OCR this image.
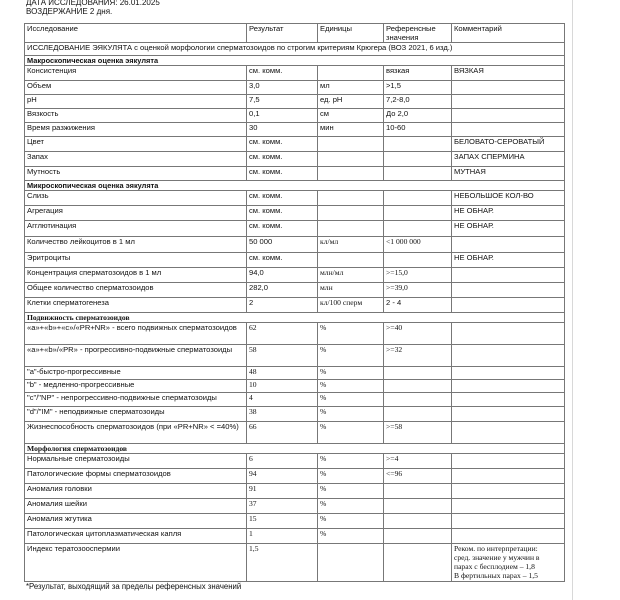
ДАТА ИССЛЕДОВАНИЯ: 26.01.2025
ВОЗДЕРЖАНИЕ 2 дня.
Исследование	Результат	Единицы	Референсные значения	Комментарий
ИССЛЕДОВАНИЕ ЭЯКУЛЯТА с оценкой морфологии сперматозоидов по строгим критериям Крюгера (ВОЗ 2021, 6 изд.)				
Макроскопическая оценка эякулята				
Консистенция	см. комм.		вязкая	ВЯЗКАЯ
Объем	3,0	мл	>1,5	
pH	7,5	ед. pH	7,2-8,0	
Вязкость	0,1	см	До 2,0	
Время разжижения	30	мин	10-60	
Цвет	см. комм.			БЕЛОВАТО-СЕРОВАТЫЙ
Запах	см. комм.			ЗАПАХ СПЕРМИНА
Мутность	см. комм.			МУТНАЯ
Микроскопическая оценка эякулята				
Слизь	см. комм.			НЕБОЛЬШОЕ КОЛ-ВО
Агрегация	см. комм.			НЕ ОБНАР.
Агглютинация	см. комм.			НЕ ОБНАР.
Количество лейкоцитов в 1 мл	50 000	кл/мл	<1 000 000	
Эритроциты	см. комм.			НЕ ОБНАР.
Концентрация сперматозоидов в 1 мл	94,0	млн/мл	>=15,0	
Общее количество сперматозоидов	282,0	млн	>=39,0	
Клетки сперматогенеза	2	кл/100 сперм	2 - 4	
Подвижность сперматозоидов				
«a»+«b»+«c»/«PR+NR» - всего подвижных сперматозоидов	62	%	>=40	
«a»+«b»/«PR» - прогрессивно-подвижные сперматозоиды	58	%	>=32	
"a"-быстро-прогрессивные	48	%		
"b" - медленно-прогрессивные	10	%		
"c"/"NP" - непрогрессивно-подвижные сперматозоиды	4	%		
"d"/"IM" - неподвижные сперматозоиды	38	%		
Жизнеспособность сперматозоидов (при «PR+NR» < =40%)	66	%	>=58	
Морфология сперматозоидов				
Нормальные сперматозоиды	6	%	>=4	
Патологические формы сперматозоидов	94	%	<=96	
Аномалия головки	91	%		
Аномалия шейки	37	%		
Аномалия жгутика	15	%		
Патологическая цитоплазматическая капля	1	%		
Индекс тератозооспермии	1,5			Реком. по интерпретации:
сред. значение у мужчин в
парах с бесплодием – 1,8
В фертильных парах – 1,5
*Результат, выходящий за пределы референсных значений
